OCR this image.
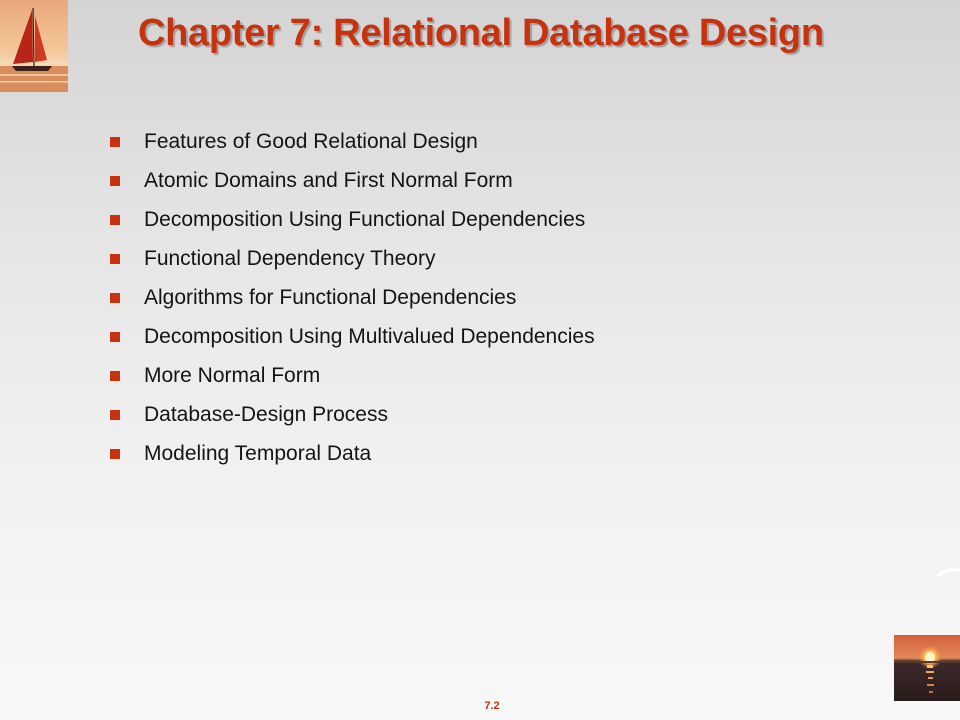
Chapter 7: Relational Database Design
Features of Good Relational Design
Atomic Domains and First Normal Form
Decomposition Using Functional Dependencies
Functional Dependency Theory
Algorithms for Functional Dependencies
Decomposition Using Multivalued Dependencies
More Normal Form
Database-Design Process
Modeling Temporal Data
7.2
